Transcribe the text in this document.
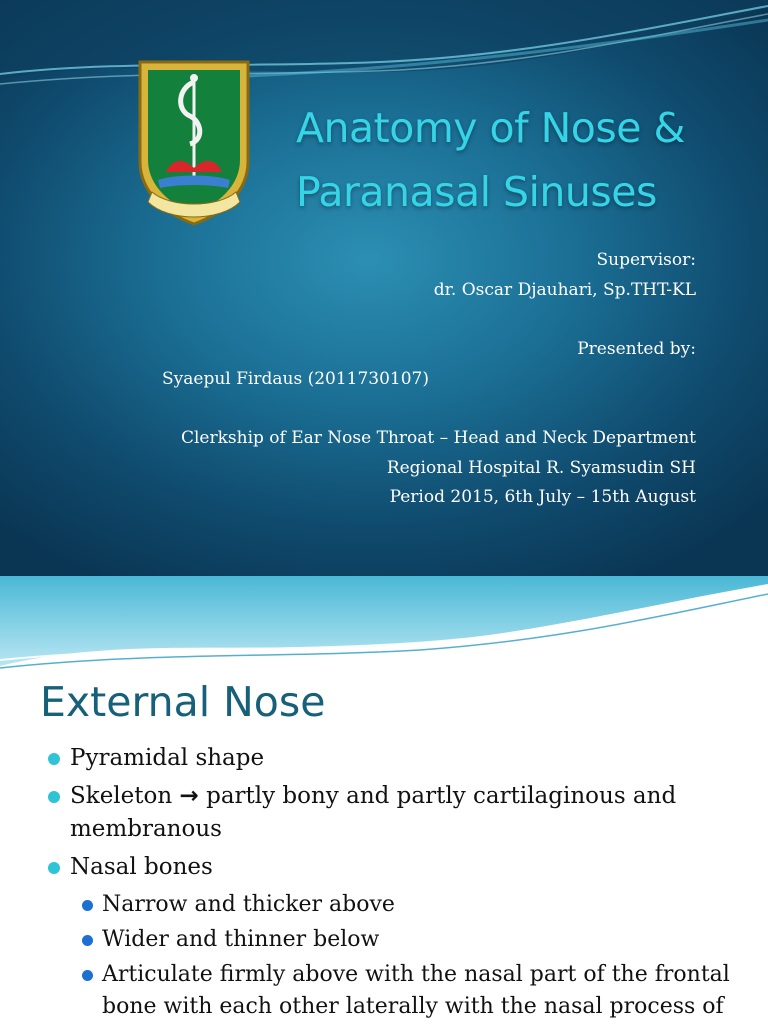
Anatomy of Nose &
Paranasal Sinuses
Supervisor:
dr. Oscar Djauhari, Sp.THT-KL
Presented by:
Syaepul Firdaus (2011730107)
Clerkship of Ear Nose Throat – Head and Neck Department
Regional Hospital R. Syamsudin SH
Period 2015, 6th July – 15th August
External Nose
Pyramidal shape
Skeleton → partly bony and partly cartilaginous and membranous
Nasal bones
Narrow and thicker above
Wider and thinner below
Articulate firmly above with the nasal part of the frontal bone with each other laterally with the nasal process of
